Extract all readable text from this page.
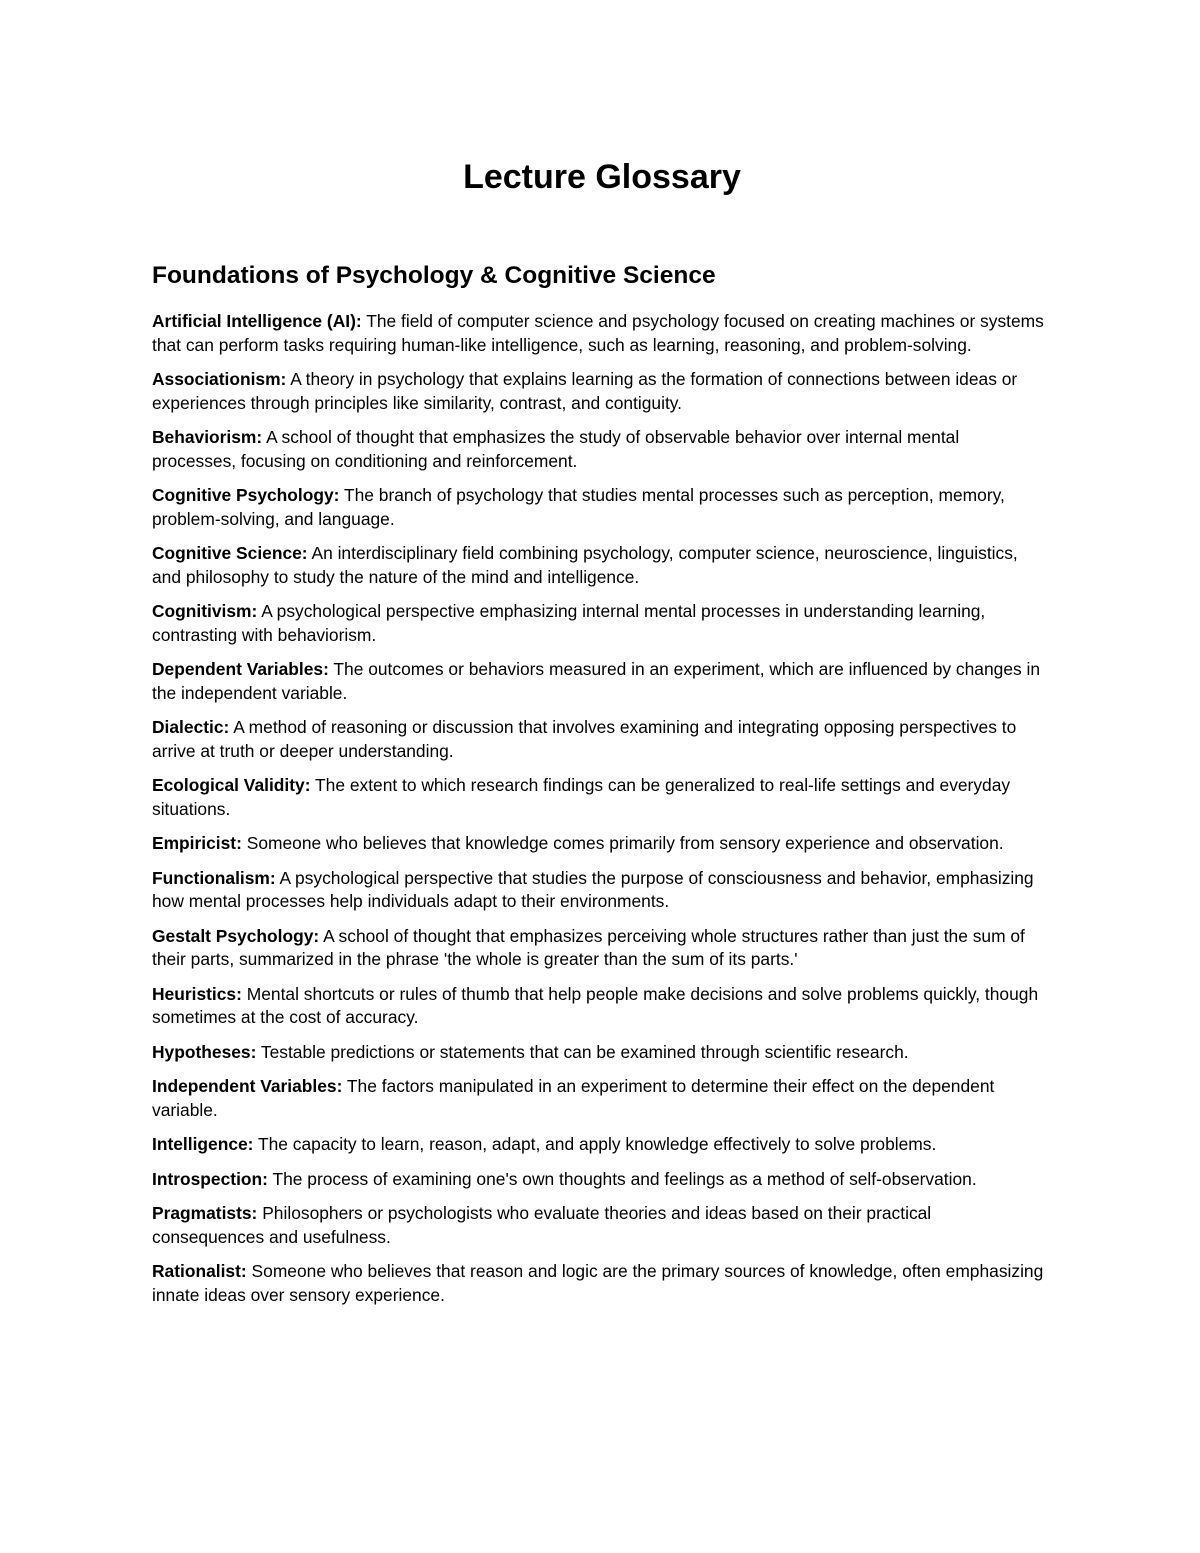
Lecture Glossary
Foundations of Psychology & Cognitive Science
Artificial Intelligence (AI): The field of computer science and psychology focused on creating machines or systems that can perform tasks requiring human-like intelligence, such as learning, reasoning, and problem-solving.
Associationism: A theory in psychology that explains learning as the formation of connections between ideas or experiences through principles like similarity, contrast, and contiguity.
Behaviorism: A school of thought that emphasizes the study of observable behavior over internal mental processes, focusing on conditioning and reinforcement.
Cognitive Psychology: The branch of psychology that studies mental processes such as perception, memory, problem-solving, and language.
Cognitive Science: An interdisciplinary field combining psychology, computer science, neuroscience, linguistics, and philosophy to study the nature of the mind and intelligence.
Cognitivism: A psychological perspective emphasizing internal mental processes in understanding learning, contrasting with behaviorism.
Dependent Variables: The outcomes or behaviors measured in an experiment, which are influenced by changes in the independent variable.
Dialectic: A method of reasoning or discussion that involves examining and integrating opposing perspectives to arrive at truth or deeper understanding.
Ecological Validity: The extent to which research findings can be generalized to real-life settings and everyday situations.
Empiricist: Someone who believes that knowledge comes primarily from sensory experience and observation.
Functionalism: A psychological perspective that studies the purpose of consciousness and behavior, emphasizing how mental processes help individuals adapt to their environments.
Gestalt Psychology: A school of thought that emphasizes perceiving whole structures rather than just the sum of their parts, summarized in the phrase 'the whole is greater than the sum of its parts.'
Heuristics: Mental shortcuts or rules of thumb that help people make decisions and solve problems quickly, though sometimes at the cost of accuracy.
Hypotheses: Testable predictions or statements that can be examined through scientific research.
Independent Variables: The factors manipulated in an experiment to determine their effect on the dependent variable.
Intelligence: The capacity to learn, reason, adapt, and apply knowledge effectively to solve problems.
Introspection: The process of examining one's own thoughts and feelings as a method of self-observation.
Pragmatists: Philosophers or psychologists who evaluate theories and ideas based on their practical consequences and usefulness.
Rationalist: Someone who believes that reason and logic are the primary sources of knowledge, often emphasizing innate ideas over sensory experience.
